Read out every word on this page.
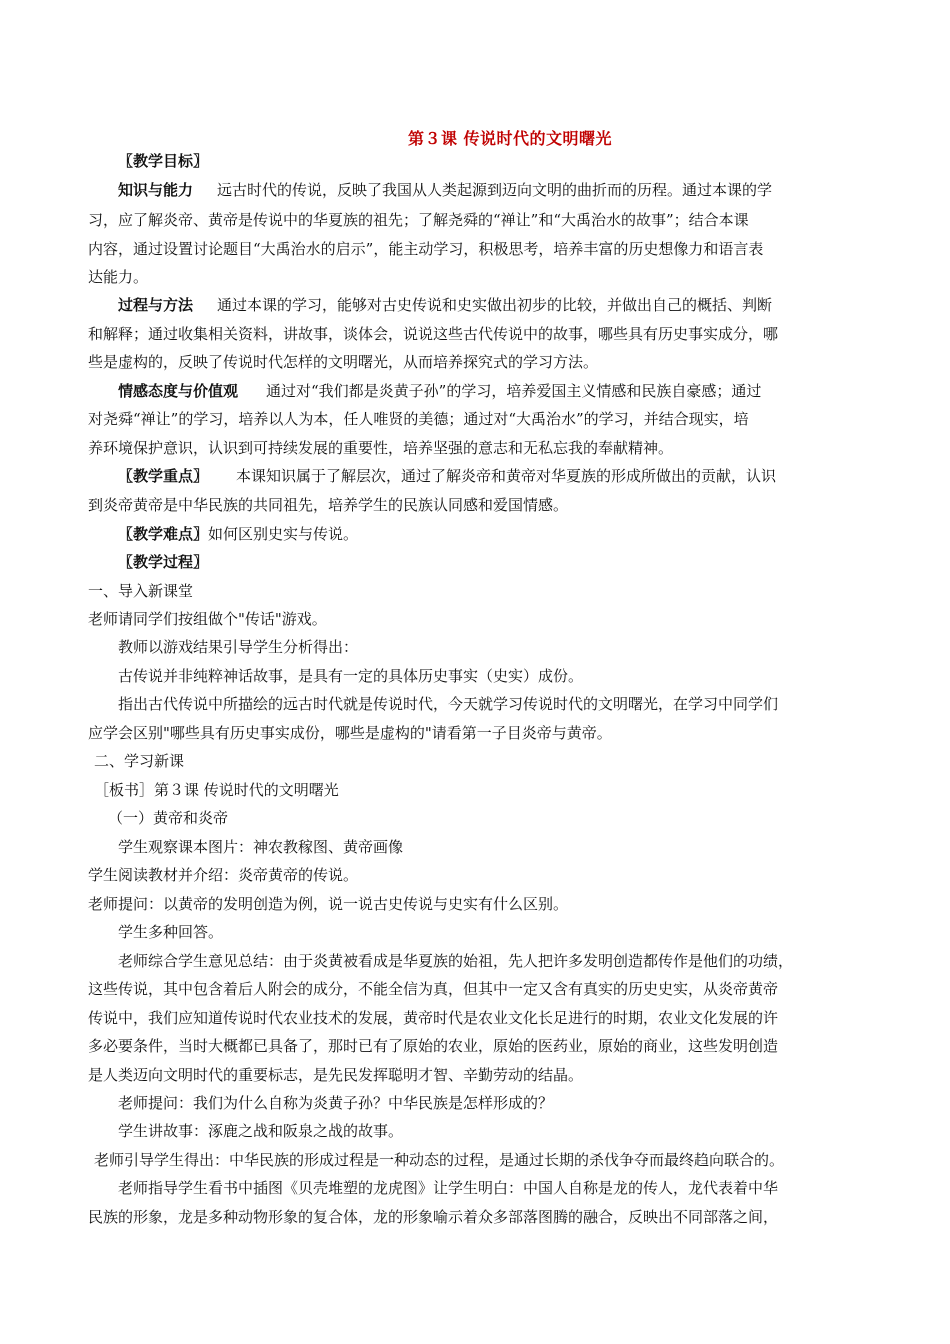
第３课 传说时代的文明曙光
〖教学目标〗
知识与能力 远古时代的传说，反映了我国从人类起源到迈向文明的曲折而的历程。通过本课的学
习，应了解炎帝、黄帝是传说中的华夏族的祖先；了解尧舜的“禅让”和“大禹治水的故事”；结合本课
内容，通过设置讨论题目“大禹治水的启示”，能主动学习，积极思考，培养丰富的历史想像力和语言表
达能力。
过程与方法 通过本课的学习，能够对古史传说和史实做出初步的比较，并做出自己的概括、判断
和解释；通过收集相关资料，讲故事，谈体会，说说这些古代传说中的故事，哪些具有历史事实成分，哪
些是虚构的，反映了传说时代怎样的文明曙光，从而培养探究式的学习方法。
情感态度与价值观 通过对“我们都是炎黄子孙”的学习，培养爱国主义情感和民族自豪感；通过
对尧舜“禅让”的学习，培养以人为本，任人唯贤的美德；通过对“大禹治水”的学习，并结合现实，培
养环境保护意识，认识到可持续发展的重要性，培养坚强的意志和无私忘我的奉献精神。
〖教学重点〗 本课知识属于了解层次，通过了解炎帝和黄帝对华夏族的形成所做出的贡献，认识
到炎帝黄帝是中华民族的共同祖先，培养学生的民族认同感和爱国情感。
〖教学难点〗如何区别史实与传说。
〖教学过程〗
一、导入新课堂
老师请同学们按组做个"传话"游戏。
教师以游戏结果引导学生分析得出：
古传说并非纯粹神话故事，是具有一定的具体历史事实（史实）成份。
指出古代传说中所描绘的远古时代就是传说时代，今天就学习传说时代的文明曙光，在学习中同学们
应学会区别"哪些具有历史事实成份，哪些是虚构的"请看第一子目炎帝与黄帝。
二、学习新课
［板书］第３课 传说时代的文明曙光
（一）黄帝和炎帝
学生观察课本图片：神农教稼图、黄帝画像
学生阅读教材并介绍：炎帝黄帝的传说。
老师提问：以黄帝的发明创造为例，说一说古史传说与史实有什么区别。
学生多种回答。
老师综合学生意见总结：由于炎黄被看成是华夏族的始祖，先人把许多发明创造都传作是他们的功绩，
这些传说，其中包含着后人附会的成分，不能全信为真，但其中一定又含有真实的历史史实，从炎帝黄帝
传说中，我们应知道传说时代农业技术的发展，黄帝时代是农业文化长足进行的时期，农业文化发展的许
多必要条件，当时大概都已具备了，那时已有了原始的农业，原始的医药业，原始的商业，这些发明创造
是人类迈向文明时代的重要标志，是先民发挥聪明才智、辛勤劳动的结晶。
老师提问：我们为什么自称为炎黄子孙？中华民族是怎样形成的？
学生讲故事：涿鹿之战和阪泉之战的故事。
老师引导学生得出：中华民族的形成过程是一种动态的过程，是通过长期的杀伐争夺而最终趋向联合的。
老师指导学生看书中插图《贝壳堆塑的龙虎图》让学生明白：中国人自称是龙的传人，龙代表着中华
民族的形象，龙是多种动物形象的复合体，龙的形象喻示着众多部落图腾的融合，反映出不同部落之间，
